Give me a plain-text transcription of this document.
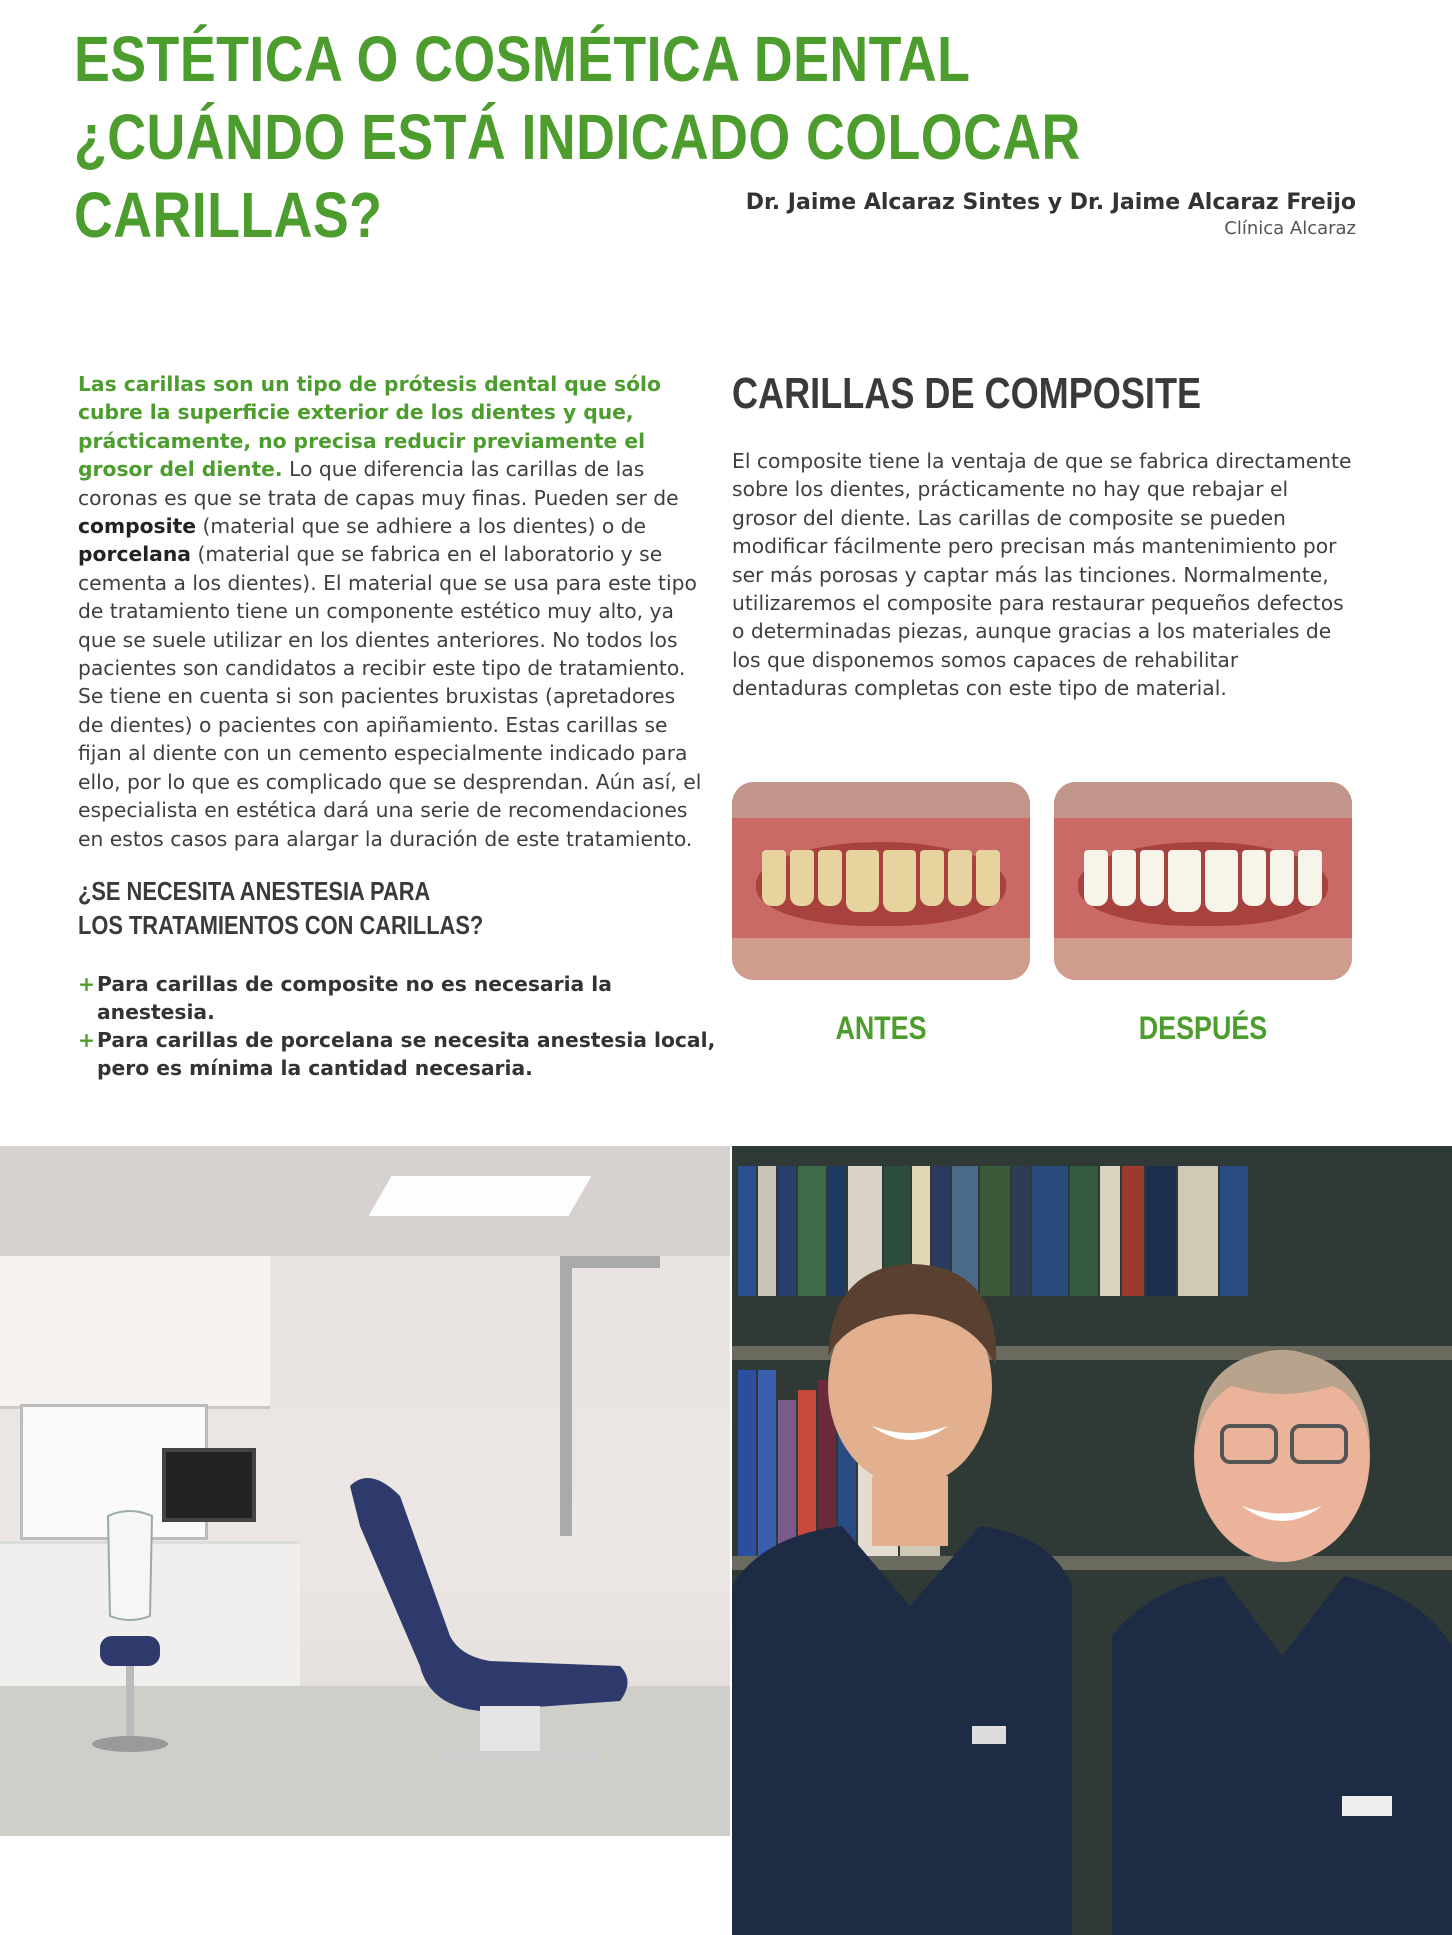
ESTÉTICA O COSMÉTICA DENTAL
¿CUÁNDO ESTÁ INDICADO COLOCAR CARILLAS?	Dr. Jaime Alcaraz Sintes y Dr. Jaime Alcaraz Freijo
Clínica Alcaraz

Las carillas son un tipo de prótesis dental que sólo cubre la superficie exterior de los dientes y que, prácticamente, no precisa reducir previamente el grosor del diente. Lo que diferencia las carillas de las coronas es que se trata de capas muy finas. Pueden ser de composite (material que se adhiere a los dientes) o de porcelana (material que se fabrica en el laboratorio y se cementa a los dientes). El material que se usa para este tipo de tratamiento tiene un componente estético muy alto, ya que se suele utilizar en los dientes anteriores. No todos los pacientes son candidatos a recibir este tipo de tratamiento. Se tiene en cuenta si son pacientes bruxistas (apretadores de dientes) o pacientes con apiñamiento. Estas carillas se fijan al diente con un cemento especialmente indicado para ello, por lo que es complicado que se desprendan. Aún así, el especialista en estética dará una serie de recomendaciones en estos casos para alargar la duración de este tratamiento.

¿SE NECESITA ANESTESIA PARA
LOS TRATAMIENTOS CON CARILLAS?
+ Para carillas de composite no es necesaria la anestesia.
+ Para carillas de porcelana se necesita anestesia local, pero es mínima la cantidad necesaria.
CARILLAS DE COMPOSITE

El composite tiene la ventaja de que se fabrica directamente sobre los dientes, prácticamente no hay que rebajar el grosor del diente. Las carillas de composite se pueden modificar fácilmente pero precisan más mantenimiento por ser más porosas y captar más las tinciones. Normalmente, utilizaremos el composite para restaurar pequeños defectos o determinadas piezas, aunque gracias a los materiales de los que disponemos somos capaces de rehabilitar dentaduras completas con este tipo de material.

ANTES	DESPUÉS
